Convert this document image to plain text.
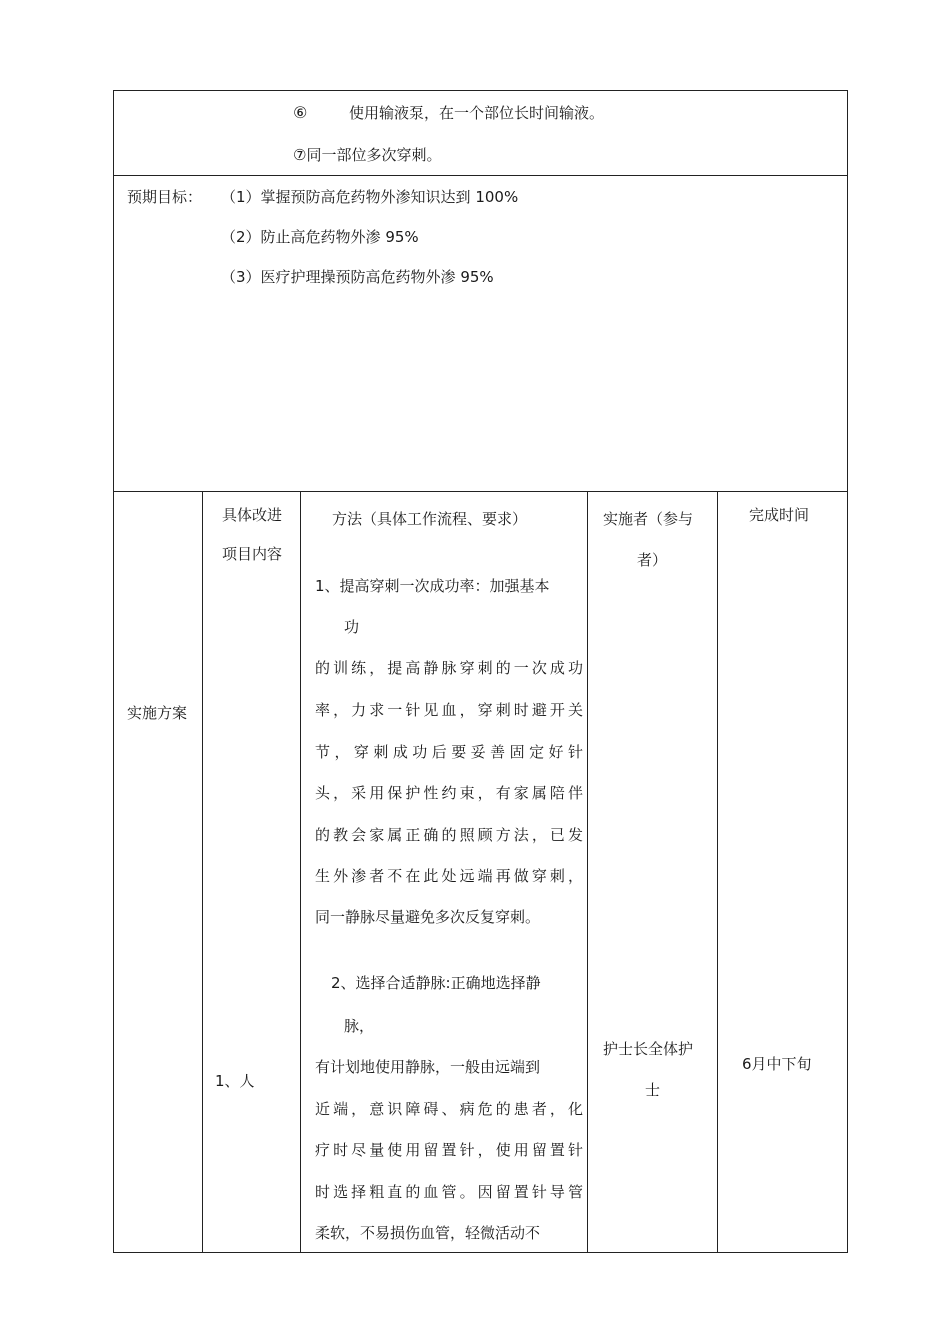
⑥	使用输液泵，在一个部位长时间输液。
⑦同一部位多次穿刺。
预期目标： （1）掌握预防高危药物外渗知识达到 100%
（2）防止高危药物外渗 95%
（3）医疗护理操预防高危药物外渗 95%
实施方案
具体改进
项目内容
方法（具体工作流程、要求）	实施者（参与
者）
完成时间
1、提高穿刺一次成功率：加强基本
功
的训练，提高静脉穿刺的一次成功
率，力求一针见血，穿刺时避开关
节，穿刺成功后要妥善固定好针
头，采用保护性约束，有家属陪伴
的教会家属正确的照顾方法，已发
生外渗者不在此处远端再做穿刺，
同一静脉尽量避免多次反复穿刺。
2、选择合适静脉:正确地选择静
脉，
有计划地使用静脉，一般由远端到
近端，意识障碍、病危的患者，化
疗时尽量使用留置针，使用留置针
时选择粗直的血管。因留置针导管
柔软，不易损伤血管，轻微活动不
1、人
护士长全体护
士
6月中下旬
